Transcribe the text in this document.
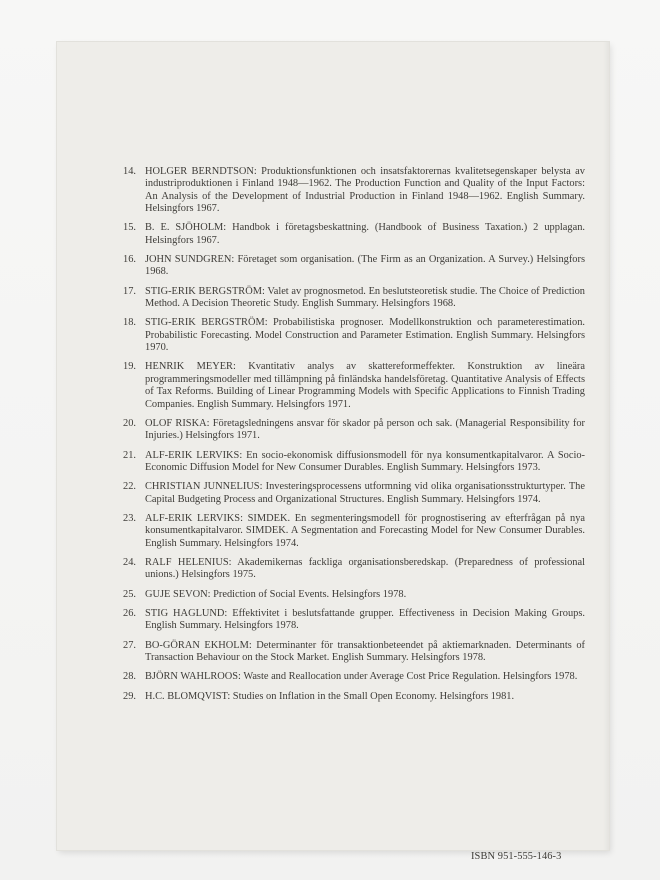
14. HOLGER BERNDTSON: Produktionsfunktionen och insatsfaktorernas kvalitetsegenskaper belysta av industriproduktionen i Finland 1948—1962. The Production Function and Quality of the Input Factors: An Analysis of the Development of Industrial Production in Finland 1948—1962. English Summary. Helsingfors 1967.
15. B. E. SJÖHOLM: Handbok i företagsbeskattning. (Handbook of Business Taxation.) 2 upplagan. Helsingfors 1967.
16. JOHN SUNDGREN: Företaget som organisation. (The Firm as an Organization. A Survey.) Helsingfors 1968.
17. STIG-ERIK BERGSTRÖM: Valet av prognosmetod. En beslutsteoretisk studie. The Choice of Prediction Method. A Decision Theoretic Study. English Summary. Helsingfors 1968.
18. STIG-ERIK BERGSTRÖM: Probabilistiska prognoser. Modellkonstruktion och parameterestimation. Probabilistic Forecasting. Model Construction and Parameter Estimation. English Summary. Helsingfors 1970.
19. HENRIK MEYER: Kvantitativ analys av skattereformeffekter. Konstruktion av lineära programmeringsmodeller med tillämpning på finländska handelsföretag. Quantitative Analysis of Effects of Tax Reforms. Building of Linear Programming Models with Specific Applications to Finnish Trading Companies. English Summary. Helsingfors 1971.
20. OLOF RISKA: Företagsledningens ansvar för skador på person och sak. (Managerial Responsibility for Injuries.) Helsingfors 1971.
21. ALF-ERIK LERVIKS: En socio-ekonomisk diffusionsmodell för nya konsumentkapitalvaror. A Socio-Economic Diffusion Model for New Consumer Durables. English Summary. Helsingfors 1973.
22. CHRISTIAN JUNNELIUS: Investeringsprocessens utformning vid olika organisationsstrukturtyper. The Capital Budgeting Process and Organizational Structures. English Summary. Helsingfors 1974.
23. ALF-ERIK LERVIKS: SIMDEK. En segmenteringsmodell för prognostisering av efterfrågan på nya konsumentkapitalvaror. SIMDEK. A Segmentation and Forecasting Model for New Consumer Durables. English Summary. Helsingfors 1974.
24. RALF HELENIUS: Akademikernas fackliga organisationsberedskap. (Preparedness of professional unions.) Helsingfors 1975.
25. GUJE SEVON: Prediction of Social Events. Helsingfors 1978.
26. STIG HAGLUND: Effektivitet i beslutsfattande grupper. Effectiveness in Decision Making Groups. English Summary. Helsingfors 1978.
27. BO-GÖRAN EKHOLM: Determinanter för transaktionbeteendet på aktiemarknaden. Determinants of Transaction Behaviour on the Stock Market. English Summary. Helsingfors 1978.
28. BJÖRN WAHLROOS: Waste and Reallocation under Average Cost Price Regulation. Helsingfors 1978.
29. H.C. BLOMQVIST: Studies on Inflation in the Small Open Economy. Helsingfors 1981.
ISBN 951-555-146-3
